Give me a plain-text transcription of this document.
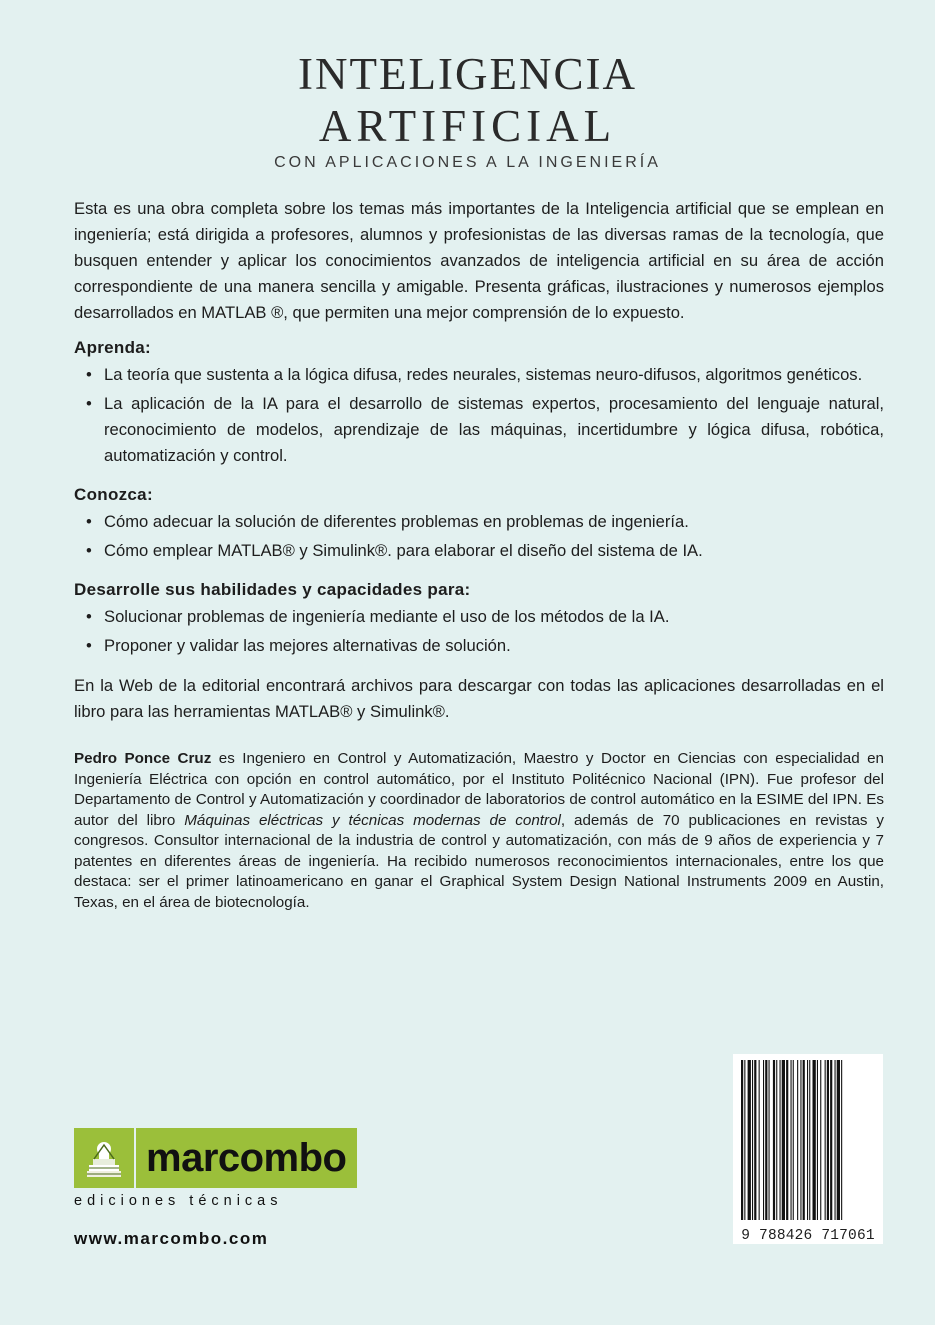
INTELIGENCIA
ARTIFICIAL
CON APLICACIONES A LA INGENIERÍA

Esta es una obra completa sobre los temas más importantes de la Inteligencia artificial que se emplean en ingeniería; está dirigida a profesores, alumnos y profesionistas de las diversas ramas de la tecnología, que busquen entender y aplicar los conocimientos avanzados de inteligencia artificial en su área de acción correspondiente de una manera sencilla y amigable. Presenta gráficas, ilustraciones y numerosos ejemplos desarrollados en MATLAB ®, que permiten una mejor comprensión de lo expuesto.

Aprenda:
• La teoría que sustenta a la lógica difusa, redes neurales, sistemas neuro-difusos, algoritmos genéticos.
• La aplicación de la IA para el desarrollo de sistemas expertos, procesamiento del lenguaje natural, reconocimiento de modelos, aprendizaje de las máquinas, incertidumbre y lógica difusa, robótica, automatización y control.
Conozca:
• Cómo adecuar la solución de diferentes problemas en problemas de ingeniería.
• Cómo emplear MATLAB® y Simulink®. para elaborar el diseño del sistema de IA.
Desarrolle sus habilidades y capacidades para:
• Solucionar problemas de ingeniería mediante el uso de los métodos de la IA.
• Proponer y validar las mejores alternativas de solución.

En la Web de la editorial encontrará archivos para descargar con todas las aplicaciones desarrolladas en el libro para las herramientas MATLAB® y Simulink®.

Pedro Ponce Cruz es Ingeniero en Control y Automatización, Maestro y Doctor en Ciencias con especialidad en Ingeniería Eléctrica con opción en control automático, por el Instituto Politécnico Nacional (IPN). Fue profesor del Departamento de Control y Automatización y coordinador de laboratorios de control automático en la ESIME del IPN. Es autor del libro Máquinas eléctricas y técnicas modernas de control, además de 70 publicaciones en revistas y congresos. Consultor internacional de la industria de control y automatización, con más de 9 años de experiencia y 7 patentes en diferentes áreas de ingeniería. Ha recibido numerosos reconocimientos internacionales, entre los que destaca: ser el primer latinoamericano en ganar el Graphical System Design National Instruments 2009 en Austin, Texas, en el área de biotecnología.

marcombo
ediciones técnicas
www.marcombo.com	9 788426 717061
